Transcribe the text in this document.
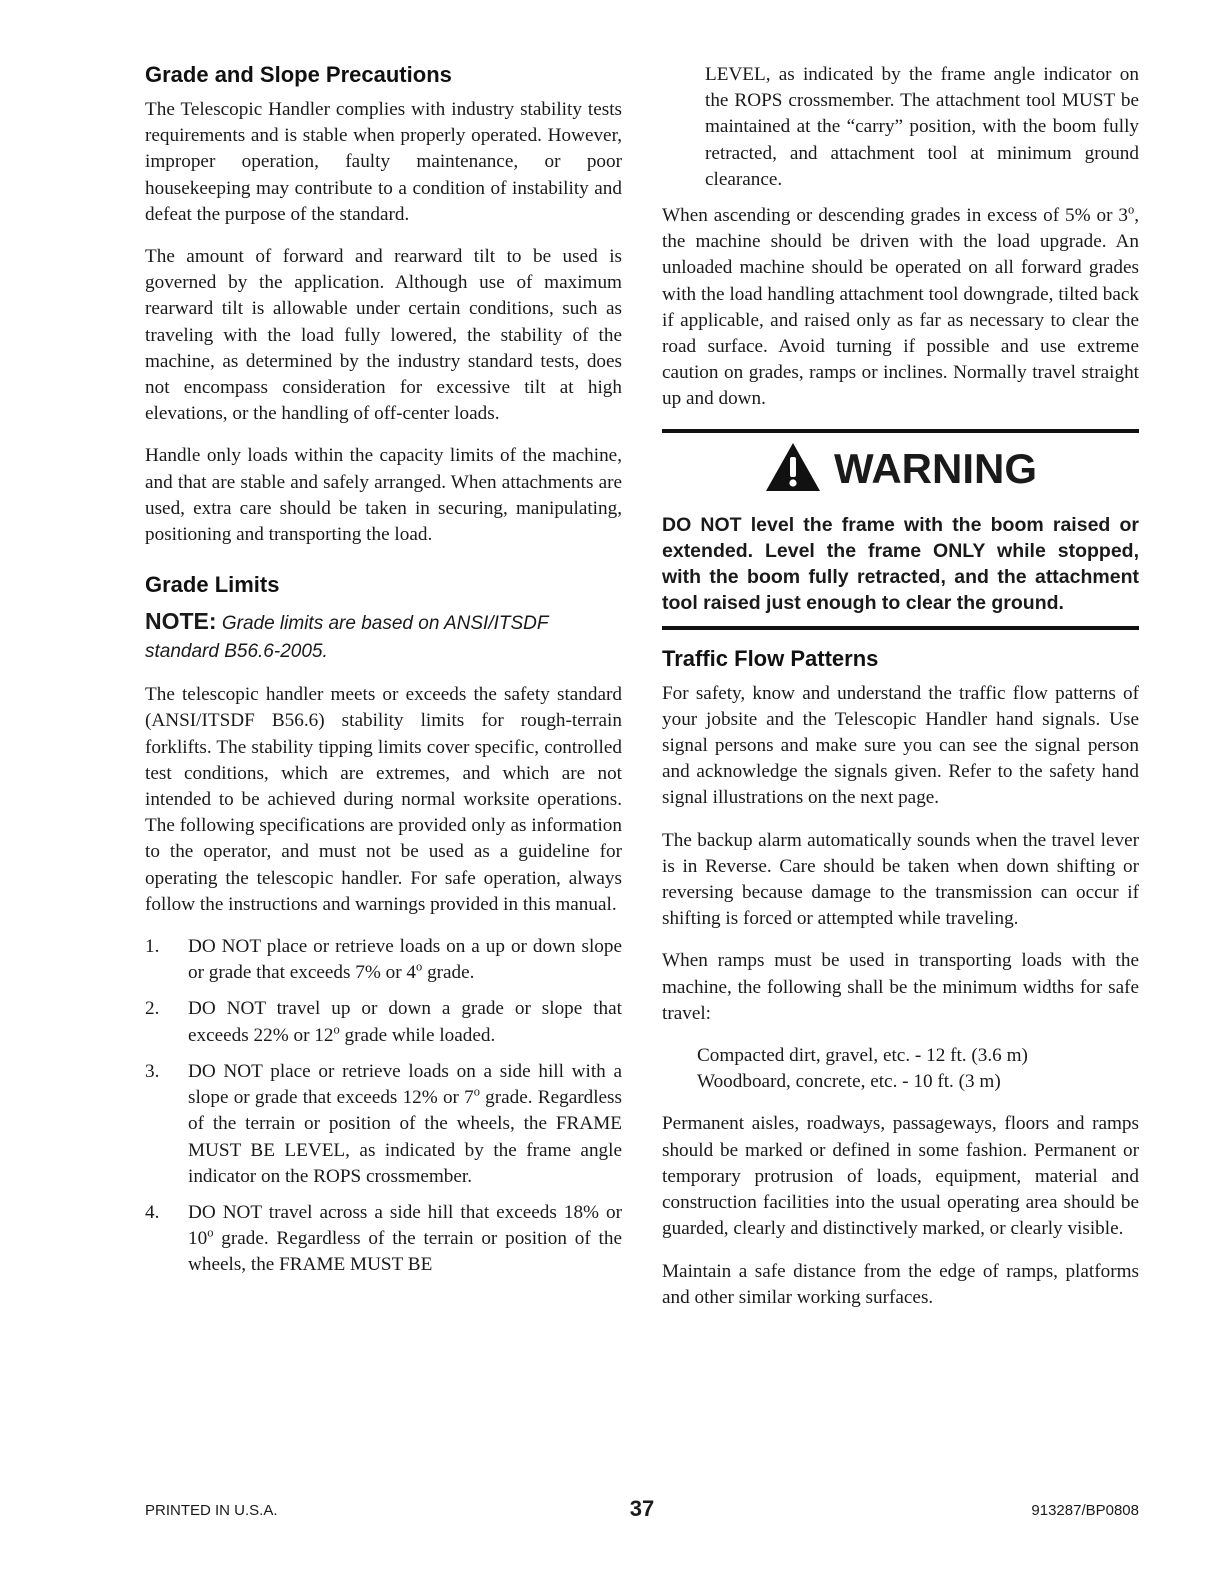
Grade and Slope Precautions

The Telescopic Handler complies with industry stability tests requirements and is stable when properly operated. However, improper operation, faulty maintenance, or poor housekeeping may contribute to a condition of instability and defeat the purpose of the standard.

The amount of forward and rearward tilt to be used is governed by the application. Although use of maximum rearward tilt is allowable under certain conditions, such as traveling with the load fully lowered, the stability of the machine, as determined by the industry standard tests, does not encompass consideration for excessive tilt at high elevations, or the handling of off-center loads.

Handle only loads within the capacity limits of the machine, and that are stable and safely arranged. When attachments are used, extra care should be taken in securing, manipulating, positioning and transporting the load.

Grade Limits
NOTE: Grade limits are based on ANSI/ITSDF standard B56.6-2005.

The telescopic handler meets or exceeds the safety standard (ANSI/ITSDF B56.6) stability limits for rough-terrain forklifts. The stability tipping limits cover specific, controlled test conditions, which are extremes, and which are not intended to be achieved during normal worksite operations. The following specifications are provided only as information to the operator, and must not be used as a guideline for operating the telescopic handler. For safe operation, always follow the instructions and warnings provided in this manual.

1. DO NOT place or retrieve loads on a up or down slope or grade that exceeds 7% or 4$^o$ grade.
2. DO NOT travel up or down a grade or slope that exceeds 22% or 12$^o$ grade while loaded.
3. DO NOT place or retrieve loads on a side hill with a slope or grade that exceeds 12% or 7$^o$ grade. Regardless of the terrain or position of the wheels, the FRAME MUST BE LEVEL, as indicated by the frame angle indicator on the ROPS crossmember.
4. DO NOT travel across a side hill that exceeds 18% or 10$^o$ grade. Regardless of the terrain or position of the wheels, the FRAME MUST BE
LEVEL, as indicated by the frame angle indicator on the ROPS crossmember. The attachment tool MUST be maintained at the “carry” position, with the boom fully retracted, and attachment tool at minimum ground clearance.

When ascending or descending grades in excess of 5% or 3$^o$, the machine should be driven with the load upgrade. An unloaded machine should be operated on all forward grades with the load handling attachment tool downgrade, tilted back if applicable, and raised only as far as necessary to clear the road surface. Avoid turning if possible and use extreme caution on grades, ramps or inclines. Normally travel straight up and down.

WARNING

DO NOT level the frame with the boom raised or extended. Level the frame ONLY while stopped, with the boom fully retracted, and the attachment tool raised just enough to clear the ground.

Traffic Flow Patterns

For safety, know and understand the traffic flow patterns of your jobsite and the Telescopic Handler hand signals. Use signal persons and make sure you can see the signal person and acknowledge the signals given. Refer to the safety hand signal illustrations on the next page.

The backup alarm automatically sounds when the travel lever is in Reverse. Care should be taken when down shifting or reversing because damage to the transmission can occur if shifting is forced or attempted while traveling.

When ramps must be used in transporting loads with the machine, the following shall be the minimum widths for safe travel:

Compacted dirt, gravel, etc. - 12 ft. (3.6 m)
Woodboard, concrete, etc. - 10 ft. (3 m)

Permanent aisles, roadways, passageways, floors and ramps should be marked or defined in some fashion. Permanent or temporary protrusion of loads, equipment, material and construction facilities into the usual operating area should be guarded, clearly and distinctively marked, or clearly visible.

Maintain a safe distance from the edge of ramps, platforms and other similar working surfaces.

PRINTED IN U.S.A.	37	913287/BP0808
